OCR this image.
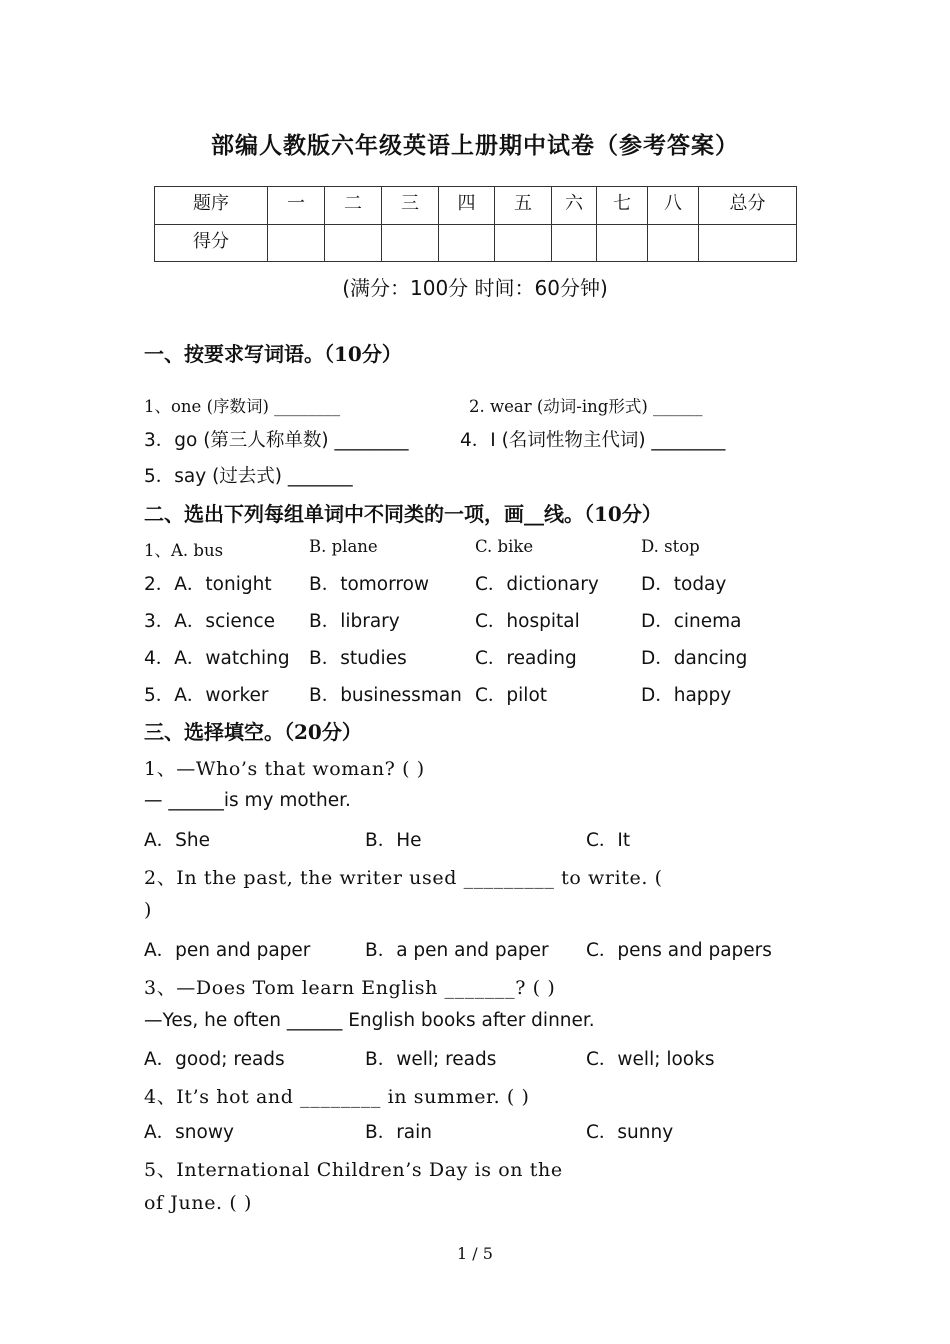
部编人教版六年级英语上册期中试卷（参考答案）
题序	一	二	三	四	五	六	七	八	总分
得分									
(满分：100分 时间：60分钟)
一、按要求写词语。（10分）
1、one (序数词) ________	2. wear (动词-ing形式) ______
3．go (第三人称单数) ________	4．I (名词性物主代词) ________
5．say (过去式) _______
二、选出下列每组单词中不同类的一项，画__线。（10分）
1、A. bus	B. plane	C. bike	D. stop
2．A．tonight B．tomorrow C．dictionary D．today
3．A．science B．library	C．hospital	D．cinema
4．A．watching B．studies	C．reading	D．dancing
5．A．worker B．businessman C．pilot	D．happy
三、选择填空。（20分）
1、—Who’s that woman? ( )
— ______is my mother.
A．She	B．He	C．It
2、In the past, the writer used _________ to write. (
)
A．pen and paper	B．a pen and paper C．pens and papers
3、—Does Tom learn English _______? ( )
—Yes, he often ______ English books after dinner.
A．good; reads	B．well; reads	C．well; looks
4、It’s hot and ________ in summer. ( )
A．snowy	B．rain	C．sunny
5、International Children’s Day is on the
of June. ( )
1 / 5
